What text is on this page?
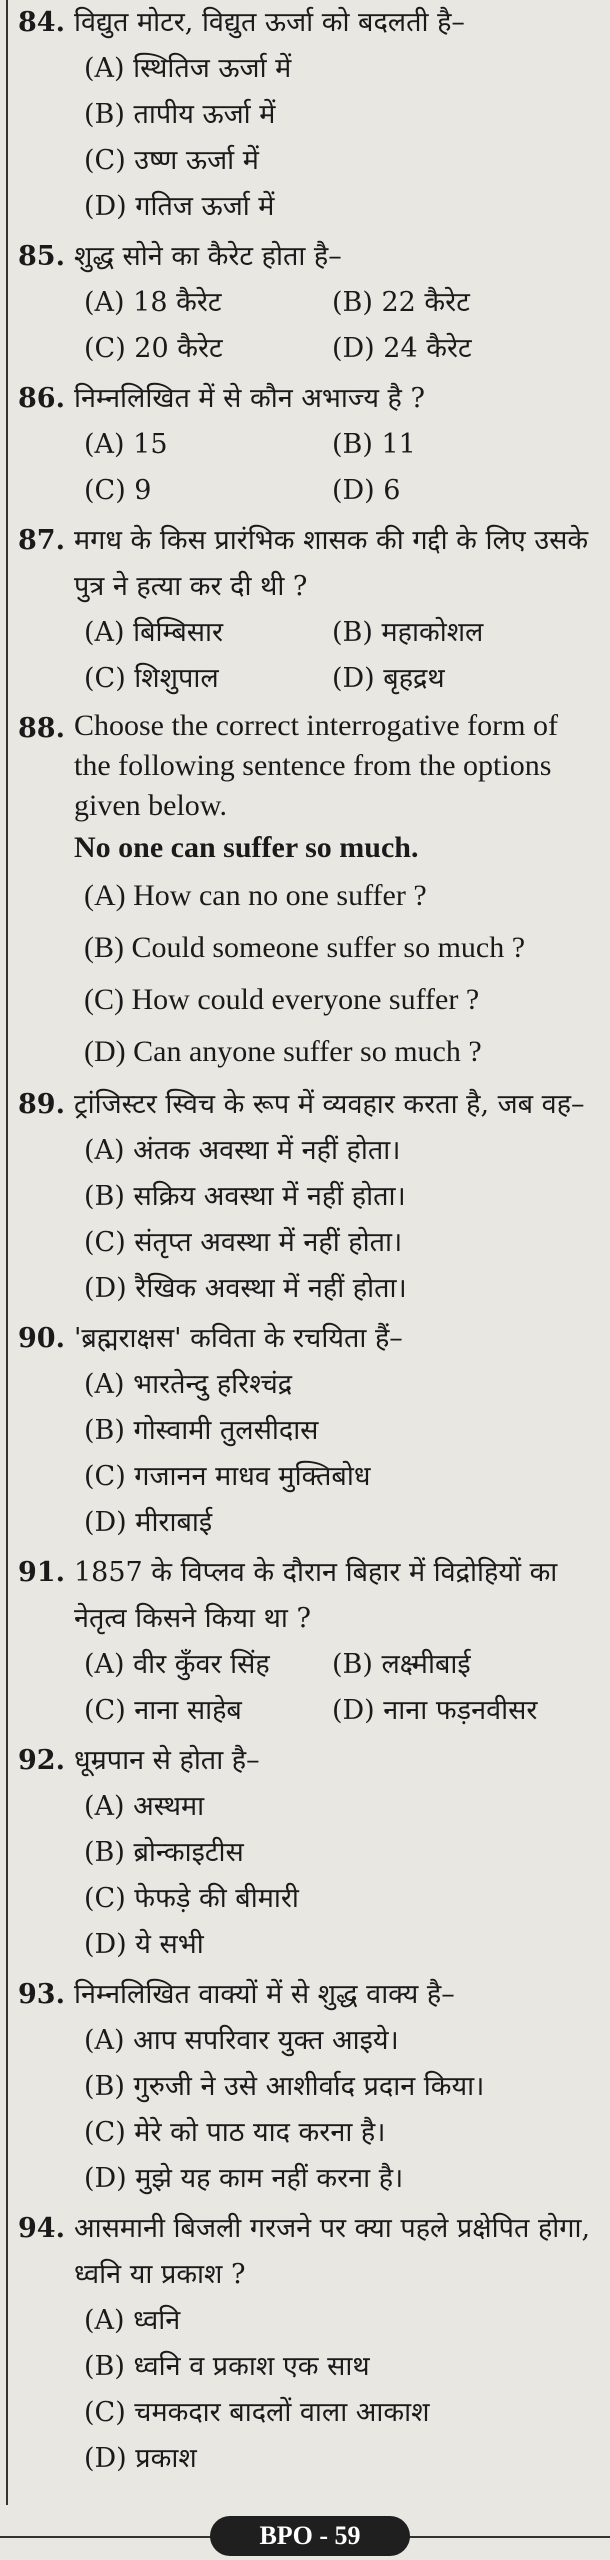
84. विद्युत मोटर, विद्युत ऊर्जा को बदलती है–
(A) स्थितिज ऊर्जा में
(B) तापीय ऊर्जा में
(C) उष्ण ऊर्जा में
(D) गतिज ऊर्जा में
85. शुद्ध सोने का कैरेट होता है–
(A) 18 कैरेट	(B) 22 कैरेट
(C) 20 कैरेट	(D) 24 कैरेट
86. निम्नलिखित में से कौन अभाज्य है ?
(A) 15	(B) 11
(C) 9	(D) 6
87. मगध के किस प्रारंभिक शासक की गद्दी के लिए उसके पुत्र ने हत्या कर दी थी ?
(A) बिम्बिसार	(B) महाकोशल
(C) शिशुपाल	(D) बृहद्रथ
88. Choose the correct interrogative form of the following sentence from the options given below.
No one can suffer so much.
(A) How can no one suffer ?
(B) Could someone suffer so much ?
(C) How could everyone suffer ?
(D) Can anyone suffer so much ?
89. ट्रांजिस्टर स्विच के रूप में व्यवहार करता है, जब वह–
(A) अंतक अवस्था में नहीं होता।
(B) सक्रिय अवस्था में नहीं होता।
(C) संतृप्त अवस्था में नहीं होता।
(D) रैखिक अवस्था में नहीं होता।
90. 'ब्रह्मराक्षस' कविता के रचयिता हैं–
(A) भारतेन्दु हरिश्चंद्र
(B) गोस्वामी तुलसीदास
(C) गजानन माधव मुक्तिबोध
(D) मीराबाई
91. 1857 के विप्लव के दौरान बिहार में विद्रोहियों का नेतृत्व किसने किया था ?
(A) वीर कुँवर सिंह	(B) लक्ष्मीबाई
(C) नाना साहेब	(D) नाना फड़नवीसर
92. धूम्रपान से होता है–
(A) अस्थमा
(B) ब्रोन्काइटीस
(C) फेफड़े की बीमारी
(D) ये सभी
93. निम्नलिखित वाक्यों में से शुद्ध वाक्य है–
(A) आप सपरिवार युक्त आइये।
(B) गुरुजी ने उसे आशीर्वाद प्रदान किया।
(C) मेरे को पाठ याद करना है।
(D) मुझे यह काम नहीं करना है।
94. आसमानी बिजली गरजने पर क्या पहले प्रक्षेपित होगा, ध्वनि या प्रकाश ?
(A) ध्वनि
(B) ध्वनि व प्रकाश एक साथ
(C) चमकदार बादलों वाला आकाश
(D) प्रकाश
BPO - 59
